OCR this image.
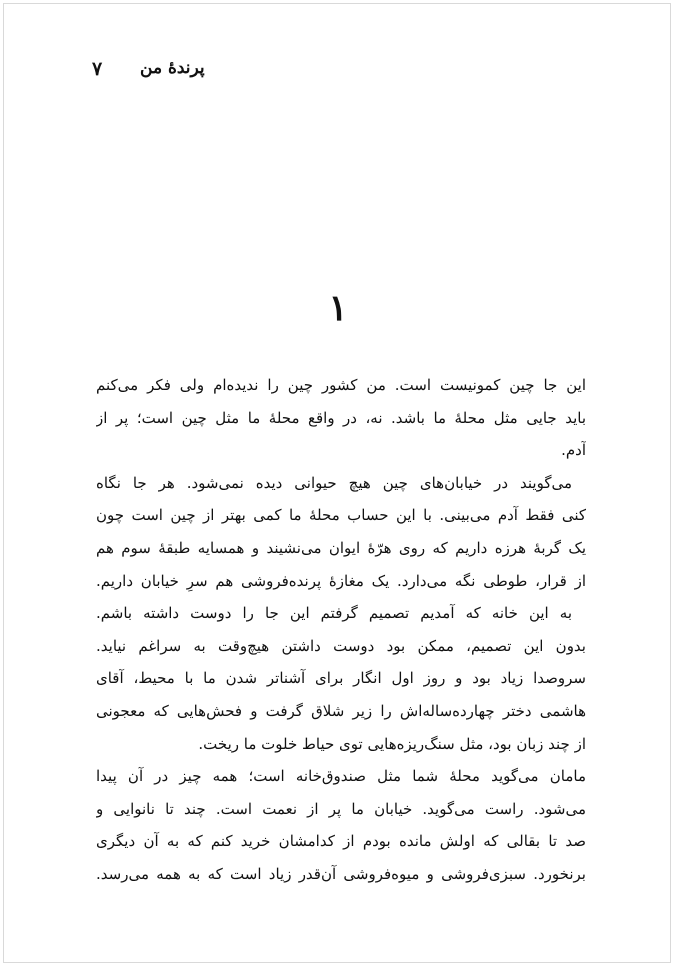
۷ پرندهٔ من
۱
این جا چین کمونیست است. من کشور چین را ندیده‌ام ولی فکر می‌کنم
باید جایی مثل محلهٔ ما باشد. نه، در واقع محلهٔ ما مثل چین است؛ پر از
آدم.
می‌گویند در خیابان‌های چین هیچ حیوانی دیده نمی‌شود. هر جا نگاه
کنی فقط آدم می‌بینی. با این حساب محلهٔ ما کمی بهتر از چین است چون
یک گربهٔ هرزه داریم که روی هرّهٔ ایوان می‌نشیند و همسایه طبقهٔ سوم هم
از قرار، طوطی نگه می‌دارد. یک مغازهٔ پرنده‌فروشی هم سرِ خیابان داریم.
به این خانه که آمدیم تصمیم گرفتم این جا را دوست داشته باشم.
بدون این تصمیم، ممکن بود دوست داشتن هیچ‌وقت به سراغم نیاید.
سروصدا زیاد بود و روز اول انگار برای آشناتر شدن ما با محیط، آقای
هاشمی دختر چهارده‌ساله‌اش را زیر شلاق گرفت و فحش‌هایی که معجونی
از چند زبان بود، مثل سنگ‌ریزه‌هایی توی حیاط خلوت ما ریخت.
مامان می‌گوید محلهٔ شما مثل صندوق‌خانه است؛ همه چیز در آن پیدا
می‌شود. راست می‌گوید. خیابان ما پر از نعمت است. چند تا نانوایی و
صد تا بقالی که اولش مانده بودم از کدامشان خرید کنم که به آن دیگری
برنخورد. سبزی‌فروشی و میوه‌فروشی آن‌قدر زیاد است که به همه می‌رسد.
